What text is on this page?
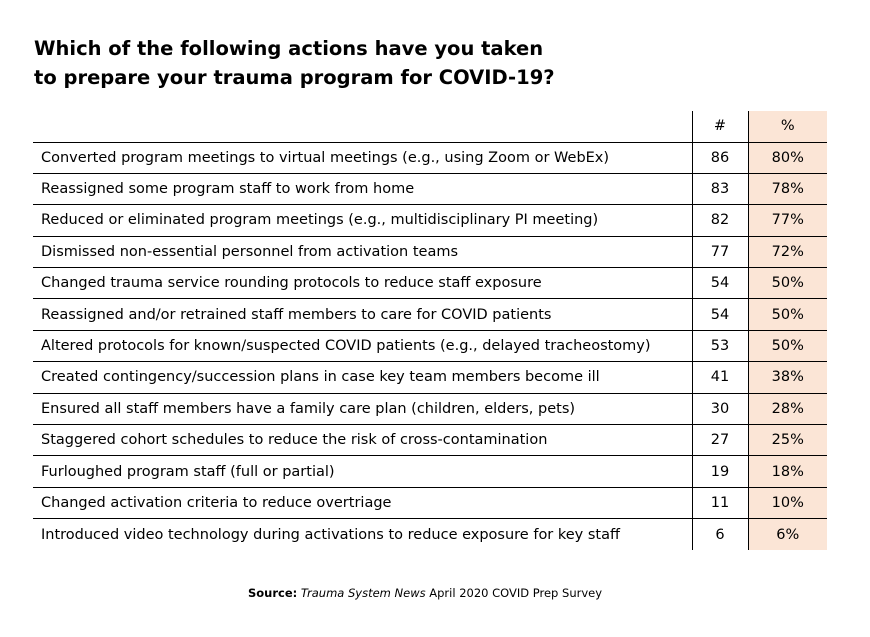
Which of the following actions have you taken
to prepare your trauma program for COVID-19?
	#	%
Converted program meetings to virtual meetings (e.g., using Zoom or WebEx)	86	80%
Reassigned some program staff to work from home	83	78%
Reduced or eliminated program meetings (e.g., multidisciplinary PI meeting)	82	77%
Dismissed non-essential personnel from activation teams	77	72%
Changed trauma service rounding protocols to reduce staff exposure	54	50%
Reassigned and/or retrained staff members to care for COVID patients	54	50%
Altered protocols for known/suspected COVID patients (e.g., delayed tracheostomy)	53	50%
Created contingency/succession plans in case key team members become ill	41	38%
Ensured all staff members have a family care plan (children, elders, pets)	30	28%
Staggered cohort schedules to reduce the risk of cross-contamination	27	25%
Furloughed program staff (full or partial)	19	18%
Changed activation criteria to reduce overtriage	11	10%
Introduced video technology during activations to reduce exposure for key staff	6	6%
Source: Trauma System News April 2020 COVID Prep Survey
